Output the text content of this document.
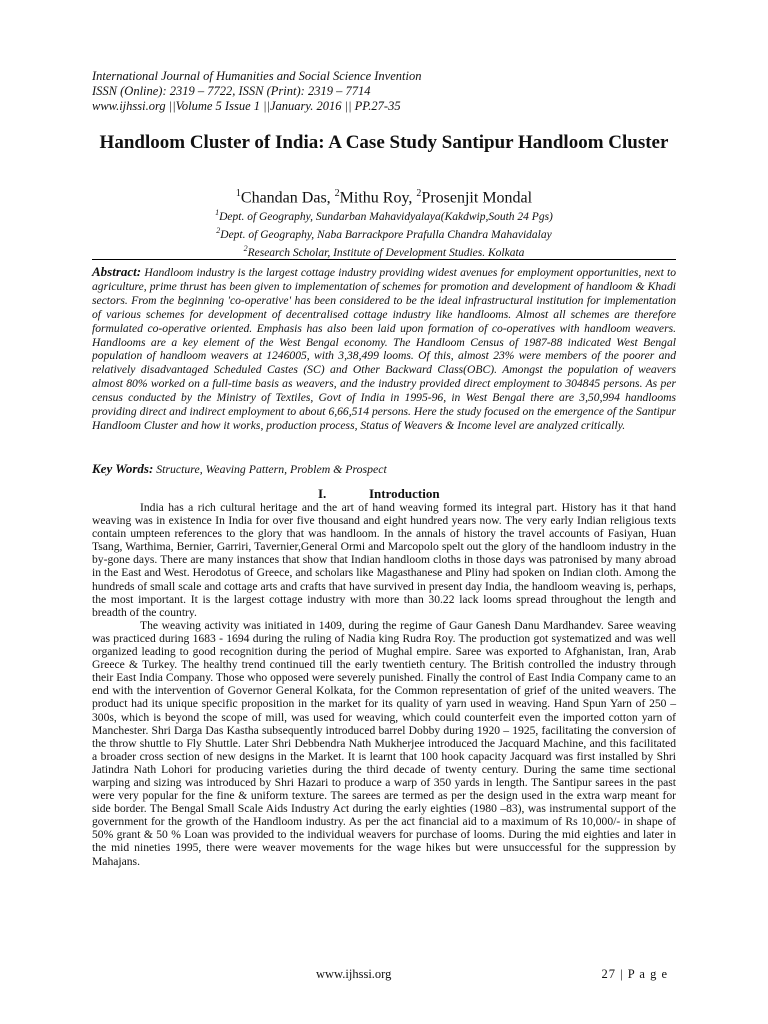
International Journal of Humanities and Social Science Invention
ISSN (Online): 2319 – 7722, ISSN (Print): 2319 – 7714
www.ijhssi.org ||Volume 5 Issue 1 ||January. 2016 || PP.27-35
Handloom Cluster of India: A Case Study Santipur Handloom Cluster
$^1$Chandan Das, $^2$Mithu Roy, $^2$Prosenjit Mondal
$^1$Dept. of Geography, Sundarban Mahavidyalaya(Kakdwip,South 24 Pgs)
$^2$Dept. of Geography, Naba Barrackpore Prafulla Chandra Mahavidalay
$^2$Research Scholar, Institute of Development Studies. Kolkata
Abstract: Handloom industry is the largest cottage industry providing widest avenues for employment opportunities, next to agriculture, prime thrust has been given to implementation of schemes for promotion and development of handloom & Khadi sectors. From the beginning 'co-operative' has been considered to be the ideal infrastructural institution for implementation of various schemes for development of decentralised cottage industry like handlooms. Almost all schemes are therefore formulated co-operative oriented. Emphasis has also been laid upon formation of co-operatives with handloom weavers. Handlooms are a key element of the West Bengal economy. The Handloom Census of 1987-88 indicated West Bengal population of handloom weavers at 1246005, with 3,38,499 looms. Of this, almost 23% were members of the poorer and relatively disadvantaged Scheduled Castes (SC) and Other Backward Class(OBC). Amongst the population of weavers almost 80% worked on a full-time basis as weavers, and the industry provided direct employment to 304845 persons. As per census conducted by the Ministry of Textiles, Govt of India in 1995-96, in West Bengal there are 3,50,994 handlooms providing direct and indirect employment to about 6,66,514 persons. Here the study focused on the emergence of the Santipur Handloom Cluster and how it works, production process, Status of Weavers & Income level are analyzed critically.
Key Words: Structure, Weaving Pattern, Problem & Prospect
I.	Introduction

India has a rich cultural heritage and the art of hand weaving formed its integral part. History has it that hand weaving was in existence In India for over five thousand and eight hundred years now. The very early Indian religious texts contain umpteen references to the glory that was handloom. In the annals of history the travel accounts of Fasiyan, Huan Tsang, Warthima, Bernier, Garriri, Tavernier,General Ormi and Marcopolo spelt out the glory of the handloom industry in the by-gone days. There are many instances that show that Indian handloom cloths in those days was patronised by many abroad in the East and West. Herodotus of Greece, and scholars like Magasthanese and Pliny had spoken on Indian cloth. Among the hundreds of small scale and cottage arts and crafts that have survived in present day India, the handloom weaving is, perhaps, the most important. It is the largest cottage industry with more than 30.22 lack looms spread throughout the length and breadth of the country.

The weaving activity was initiated in 1409, during the regime of Gaur Ganesh Danu Mardhandev. Saree weaving was practiced during 1683 - 1694 during the ruling of Nadia king Rudra Roy. The production got systematized and was well organized leading to good recognition during the period of Mughal empire. Saree was exported to Afghanistan, Iran, Arab Greece & Turkey. The healthy trend continued till the early twentieth century. The British controlled the industry through their East India Company. Those who opposed were severely punished. Finally the control of East India Company came to an end with the intervention of Governor General Kolkata, for the Common representation of grief of the united weavers. The product had its unique specific proposition in the market for its quality of yarn used in weaving. Hand Spun Yarn of 250 – 300s, which is beyond the scope of mill, was used for weaving, which could counterfeit even the imported cotton yarn of Manchester. Shri Darga Das Kastha subsequently introduced barrel Dobby during 1920 – 1925, facilitating the conversion of the throw shuttle to Fly Shuttle. Later Shri Debbendra Nath Mukherjee introduced the Jacquard Machine, and this facilitated a broader cross section of new designs in the Market. It is learnt that 100 hook capacity Jacquard was first installed by Shri Jatindra Nath Lohori for producing varieties during the third decade of twenty century. During the same time sectional warping and sizing was introduced by Shri Hazari to produce a warp of 350 yards in length. The Santipur sarees in the past were very popular for the fine & uniform texture. The sarees are termed as per the design used in the extra warp meant for side border. The Bengal Small Scale Aids Industry Act during the early eighties (1980 –83), was instrumental support of the government for the growth of the Handloom industry. As per the act financial aid to a maximum of Rs 10,000/- in shape of 50% grant & 50 % Loan was provided to the individual weavers for purchase of looms. During the mid eighties and later in the mid nineties 1995, there were weaver movements for the wage hikes but were unsuccessful for the suppression by Mahajans.

www.ijhssi.org	27 | P a g e
